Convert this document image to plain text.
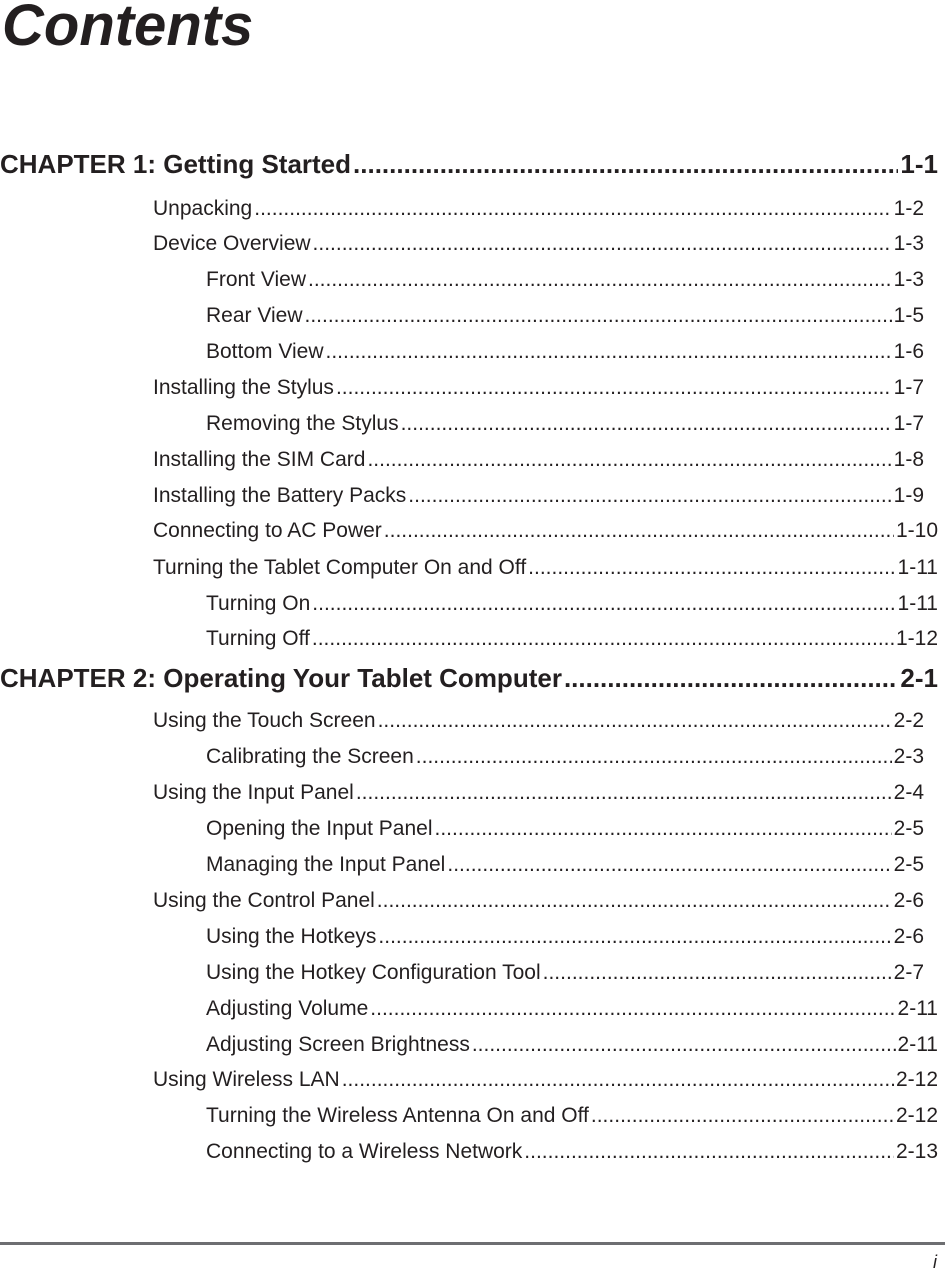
Contents
CHAPTER 1: Getting Started .....	1-1
Unpacking .....	1-2
Device Overview .....	1-3
Front View .....	1-3
Rear View .....	1-5
Bottom View .....	1-6
Installing the Stylus .....	1-7
Removing the Stylus .....	1-7
Installing the SIM Card .....	1-8
Installing the Battery Packs .....	1-9
Connecting to AC Power .....	1-10
Turning the Tablet Computer On and Off .....	1-11
Turning On .....	1-11
Turning Off .....	1-12
CHAPTER 2: Operating Your Tablet Computer .....	2-1
Using the Touch Screen .....	2-2
Calibrating the Screen .....	2-3
Using the Input Panel .....	2-4
Opening the Input Panel .....	2-5
Managing the Input Panel .....	2-5
Using the Control Panel .....	2-6
Using the Hotkeys .....	2-6
Using the Hotkey Configuration Tool .....	2-7
Adjusting Volume .....	2-11
Adjusting Screen Brightness .....	2-11
Using Wireless LAN .....	2-12
Turning the Wireless Antenna On and Off .....	2-12
Connecting to a Wireless Network .....	2-13
i
